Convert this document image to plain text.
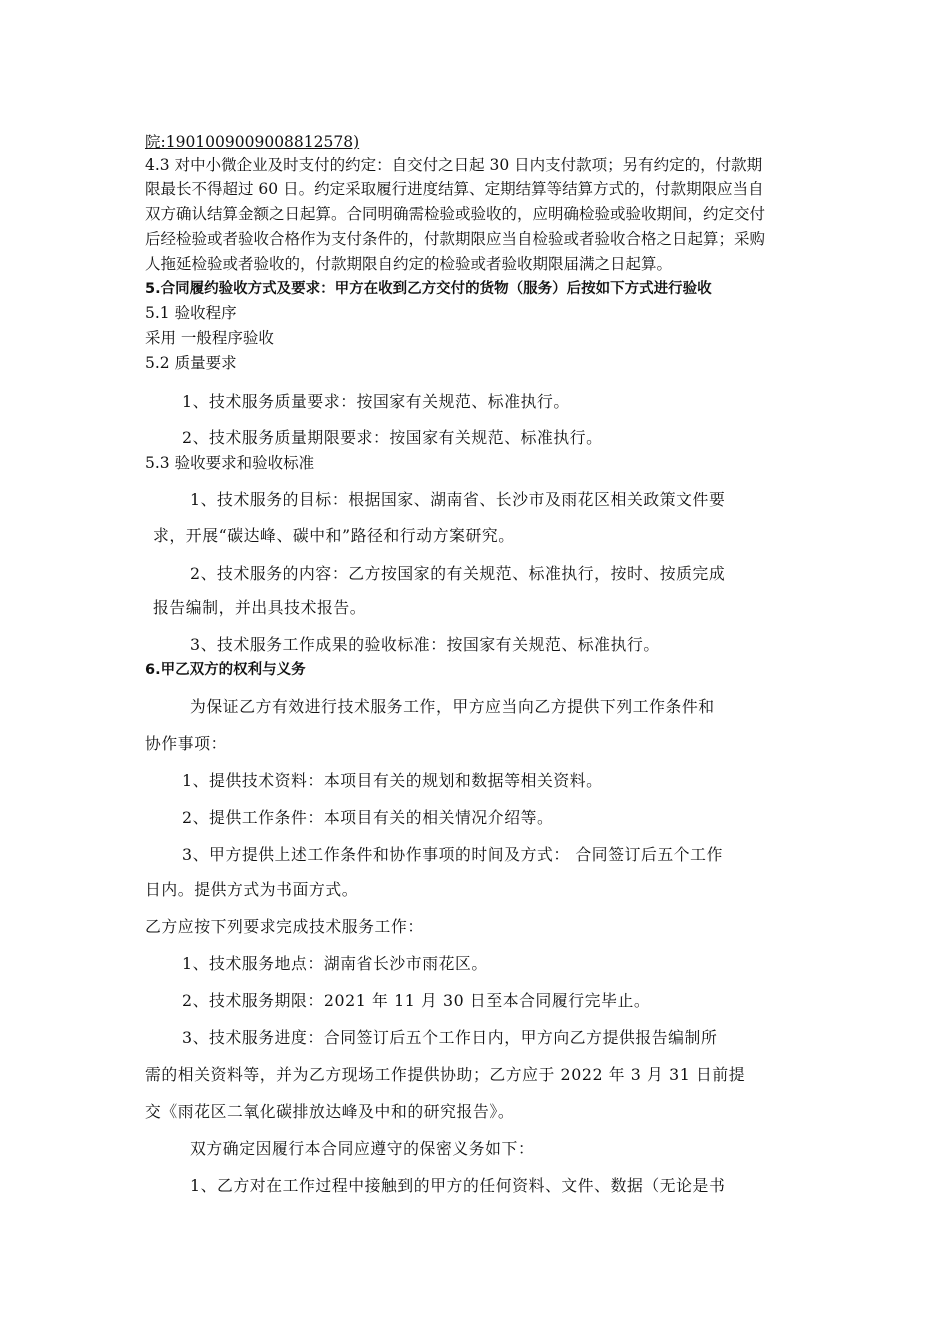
院:1901009009008812578)
4.3 对中小微企业及时支付的约定：自交付之日起 30 日内支付款项；另有约定的，付款期
限最长不得超过 60 日。约定采取履行进度结算、定期结算等结算方式的，付款期限应当自
双方确认结算金额之日起算。合同明确需检验或验收的，应明确检验或验收期间，约定交付
后经检验或者验收合格作为支付条件的，付款期限应当自检验或者验收合格之日起算；采购
人拖延检验或者验收的，付款期限自约定的检验或者验收期限届满之日起算。
5.合同履约验收方式及要求：甲方在收到乙方交付的货物（服务）后按如下方式进行验收
5.1 验收程序
采用 一般程序验收
5.2 质量要求
1、技术服务质量要求：按国家有关规范、标准执行。
2、技术服务质量期限要求：按国家有关规范、标准执行。
5.3 验收要求和验收标准
1、技术服务的目标：根据国家、湖南省、长沙市及雨花区相关政策文件要
求，开展“碳达峰、碳中和”路径和行动方案研究。
2、技术服务的内容：乙方按国家的有关规范、标准执行，按时、按质完成
报告编制，并出具技术报告。
3、技术服务工作成果的验收标准：按国家有关规范、标准执行。
6.甲乙双方的权利与义务
为保证乙方有效进行技术服务工作，甲方应当向乙方提供下列工作条件和
协作事项：
1、提供技术资料：本项目有关的规划和数据等相关资料。
2、提供工作条件：本项目有关的相关情况介绍等。
3、甲方提供上述工作条件和协作事项的时间及方式： 合同签订后五个工作
日内。提供方式为书面方式。
乙方应按下列要求完成技术服务工作：
1、技术服务地点：湖南省长沙市雨花区。
2、技术服务期限：2021 年 11 月 30 日至本合同履行完毕止。
3、技术服务进度：合同签订后五个工作日内，甲方向乙方提供报告编制所
需的相关资料等，并为乙方现场工作提供协助；乙方应于 2022 年 3 月 31 日前提
交《雨花区二氧化碳排放达峰及中和的研究报告》。
双方确定因履行本合同应遵守的保密义务如下：
1、乙方对在工作过程中接触到的甲方的任何资料、文件、数据（无论是书
